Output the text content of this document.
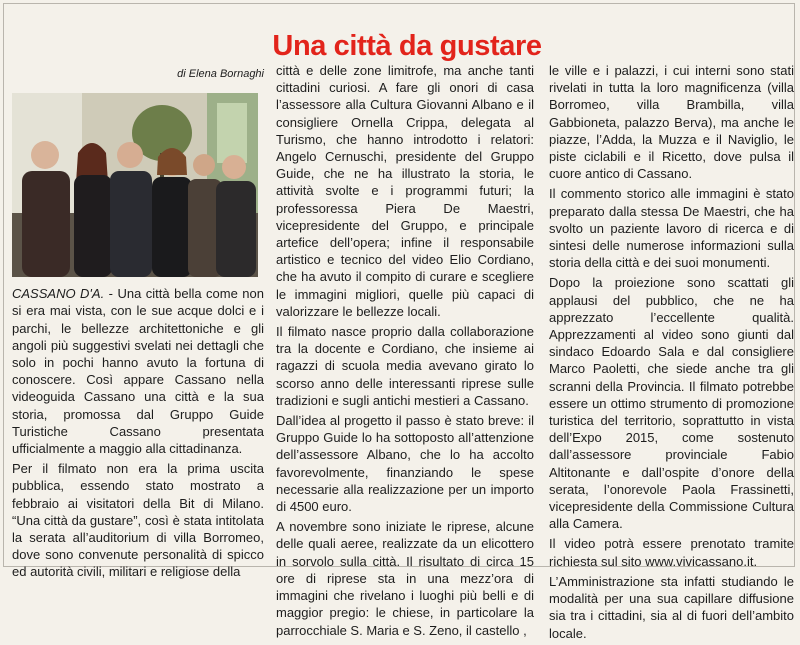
Una città da gustare
di Elena Bornaghi

CASSANO D'A. - Una città bella come non si era mai vista, con le sue acque dolci e i parchi, le bellezze architettoniche e gli angoli più suggestivi svelati nei dettagli che solo in pochi hanno avuto la fortuna di conoscere. Così appare Cassano nella videoguida Cassano una città e la sua storia, promossa dal Gruppo Guide Turistiche Cassano presentata ufficialmente a maggio alla cittadinanza.

Per il filmato non era la prima uscita pubblica, essendo stato mostrato a febbraio ai visitatori della Bit di Milano. “Una città da gustare”, così è stata intitolata la serata all’auditorium di villa Borromeo, dove sono convenute personalità di spicco ed autorità civili, militari e religiose della

città e delle zone limitrofe, ma anche tanti cittadini curiosi. A fare gli onori di casa l’assessore alla Cultura Giovanni Albano e il consigliere Ornella Crippa, delegata al Turismo, che hanno introdotto i relatori: Angelo Cernuschi, presidente del Gruppo Guide, che ne ha illustrato la storia, le attività svolte e i programmi futuri; la professoressa Piera De Maestri, vicepresidente del Gruppo, e principale artefice dell’opera; infine il responsabile artistico e tecnico del video Elio Cordiano, che ha avuto il compito di curare e scegliere le immagini migliori, quelle più capaci di valorizzare le bellezze locali.

Il filmato nasce proprio dalla collaborazione tra la docente e Cordiano, che insieme ai ragazzi di scuola media avevano girato lo scorso anno delle interessanti riprese sulle tradizioni e sugli antichi mestieri a Cassano.

Dall’idea al progetto il passo è stato breve: il Gruppo Guide lo ha sottoposto all’attenzione dell’assessore Albano, che lo ha accolto favorevolmente, finanziando le spese necessarie alla realizzazione per un importo di 4500 euro.

A novembre sono iniziate le riprese, alcune delle quali aeree, realizzate da un elicottero in sorvolo sulla città. Il risultato di circa 15 ore di riprese sta in una mezz’ora di immagini che rivelano i luoghi più belli e di maggior pregio: le chiese, in particolare la parrocchiale S. Maria e S. Zeno, il castello ,

le ville e i palazzi, i cui interni sono stati rivelati in tutta la loro magnificenza (villa Borromeo, villa Brambilla, villa Gabbioneta, palazzo Berva), ma anche le piazze, l’Adda, la Muzza e il Naviglio, le piste ciclabili e il Ricetto, dove pulsa il cuore antico di Cassano.

Il commento storico alle immagini è stato preparato dalla stessa De Maestri, che ha svolto un paziente lavoro di ricerca e di sintesi delle numerose informazioni sulla storia della città e dei suoi monumenti.

Dopo la proiezione sono scattati gli applausi del pubblico, che ne ha apprezzato l’eccellente qualità. Apprezzamenti al video sono giunti dal sindaco Edoardo Sala e dal consigliere Marco Paoletti, che siede anche tra gli scranni della Provincia. Il filmato potrebbe essere un ottimo strumento di promozione turistica del territorio, soprattutto in vista dell’Expo 2015, come sostenuto dall’assessore provinciale Fabio Altitonante e dall’ospite d’onore della serata, l’onorevole Paola Frassinetti, vicepresidente della Commissione Cultura alla Camera.

Il video potrà essere prenotato tramite richiesta sul sito www.vivicassano.it.

L’Amministrazione sta infatti studiando le modalità per una sua capillare diffusione sia tra i cittadini, sia al di fuori dell’ambito locale.
